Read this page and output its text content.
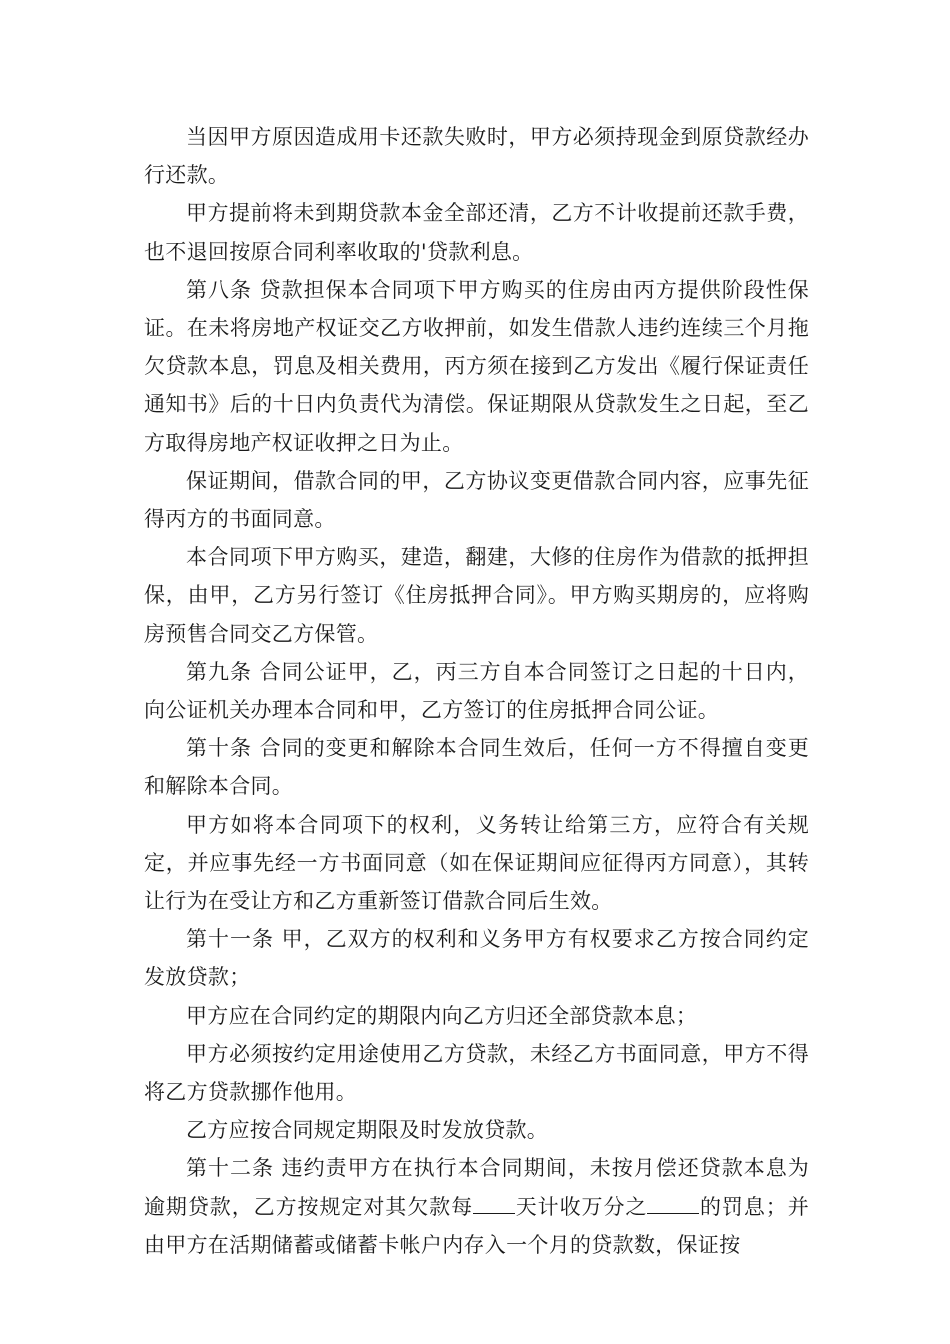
当因甲方原因造成用卡还款失败时，甲方必须持现金到原贷款经办行还款。

甲方提前将未到期贷款本金全部还清，乙方不计收提前还款手费，也不退回按原合同利率收取的'贷款利息。

第八条 贷款担保本合同项下甲方购买的住房由丙方提供阶段性保证。在未将房地产权证交乙方收押前，如发生借款人违约连续三个月拖欠贷款本息，罚息及相关费用，丙方须在接到乙方发出《履行保证责任通知书》后的十日内负责代为清偿。保证期限从贷款发生之日起，至乙方取得房地产权证收押之日为止。

保证期间，借款合同的甲，乙方协议变更借款合同内容，应事先征得丙方的书面同意。

本合同项下甲方购买，建造，翻建，大修的住房作为借款的抵押担保，由甲，乙方另行签订《住房抵押合同》。甲方购买期房的，应将购房预售合同交乙方保管。

第九条 合同公证甲，乙，丙三方自本合同签订之日起的十日内，向公证机关办理本合同和甲，乙方签订的住房抵押合同公证。

第十条 合同的变更和解除本合同生效后，任何一方不得擅自变更和解除本合同。

甲方如将本合同项下的权利，义务转让给第三方，应符合有关规定，并应事先经一方书面同意（如在保证期间应征得丙方同意），其转让行为在受让方和乙方重新签订借款合同后生效。

第十一条 甲，乙双方的权利和义务甲方有权要求乙方按合同约定发放贷款；

甲方应在合同约定的期限内向乙方归还全部贷款本息；

甲方必须按约定用途使用乙方贷款，未经乙方书面同意，甲方不得将乙方贷款挪作他用。

乙方应按合同规定期限及时发放贷款。

第十二条 违约责甲方在执行本合同期间，未按月偿还贷款本息为逾期贷款，乙方按规定对其欠款每 天计收万分之 的罚息；并由甲方在活期储蓄或储蓄卡帐户内存入一个月的贷款数，保证按
